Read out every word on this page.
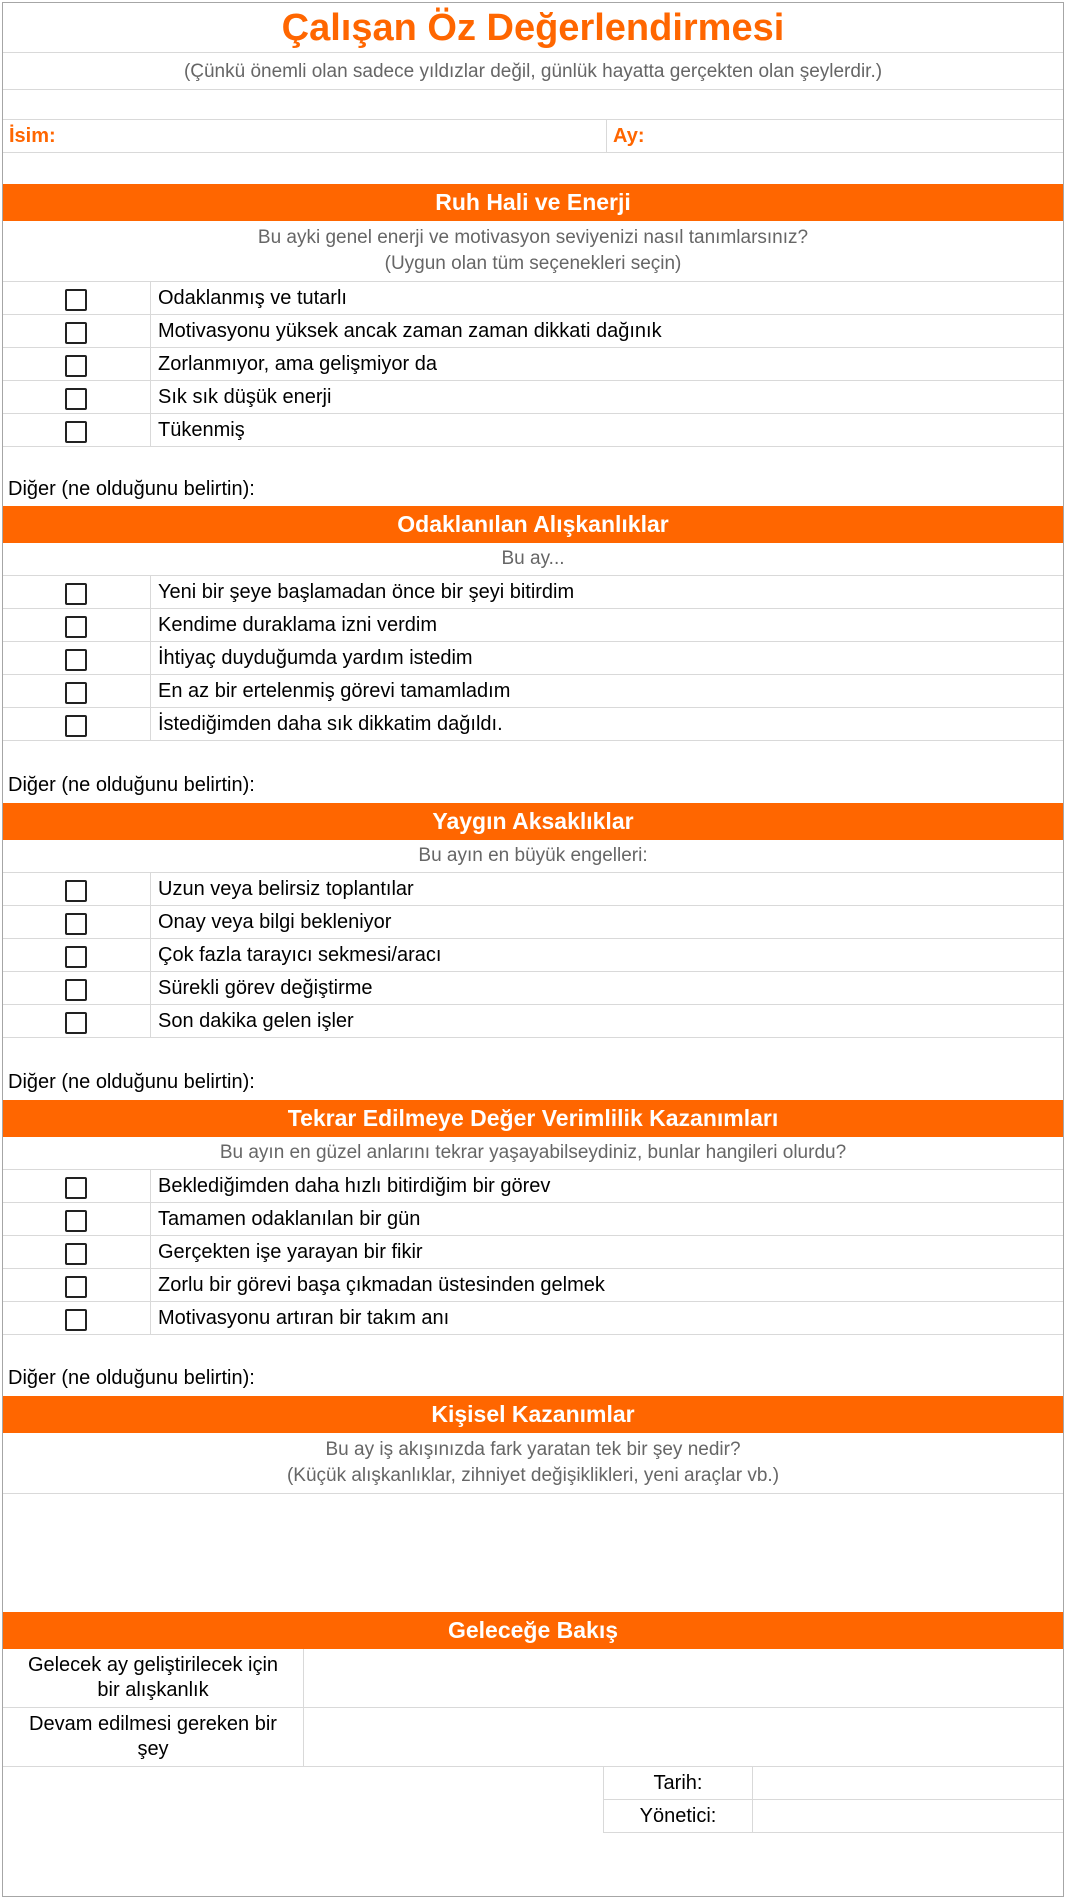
Çalışan Öz Değerlendirmesi
(Çünkü önemli olan sadece yıldızlar değil, günlük hayatta gerçekten olan şeylerdir.)
İsim:	Ay:
Ruh Hali ve Enerji
Bu ayki genel enerji ve motivasyon seviyenizi nasıl tanımlarsınız?
(Uygun olan tüm seçenekleri seçin)
Odaklanmış ve tutarlı
Motivasyonu yüksek ancak zaman zaman dikkati dağınık
Zorlanmıyor, ama gelişmiyor da
Sık sık düşük enerji
Tükenmiş
Diğer (ne olduğunu belirtin):
Odaklanılan Alışkanlıklar
Bu ay...
Yeni bir şeye başlamadan önce bir şeyi bitirdim
Kendime duraklama izni verdim
İhtiyaç duyduğumda yardım istedim
En az bir ertelenmiş görevi tamamladım
İstediğimden daha sık dikkatim dağıldı.
Diğer (ne olduğunu belirtin):
Yaygın Aksaklıklar
Bu ayın en büyük engelleri:
Uzun veya belirsiz toplantılar
Onay veya bilgi bekleniyor
Çok fazla tarayıcı sekmesi/aracı
Sürekli görev değiştirme
Son dakika gelen işler
Diğer (ne olduğunu belirtin):
Tekrar Edilmeye Değer Verimlilik Kazanımları
Bu ayın en güzel anlarını tekrar yaşayabilseydiniz, bunlar hangileri olurdu?
Beklediğimden daha hızlı bitirdiğim bir görev
Tamamen odaklanılan bir gün
Gerçekten işe yarayan bir fikir
Zorlu bir görevi başa çıkmadan üstesinden gelmek
Motivasyonu artıran bir takım anı
Diğer (ne olduğunu belirtin):
Kişisel Kazanımlar
Bu ay iş akışınızda fark yaratan tek bir şey nedir?
(Küçük alışkanlıklar, zihniyet değişiklikleri, yeni araçlar vb.)
Geleceğe Bakış
Gelecek ay geliştirilecek için
bir alışkanlık
Devam edilmesi gereken bir
şey
Tarih:
Yönetici:
